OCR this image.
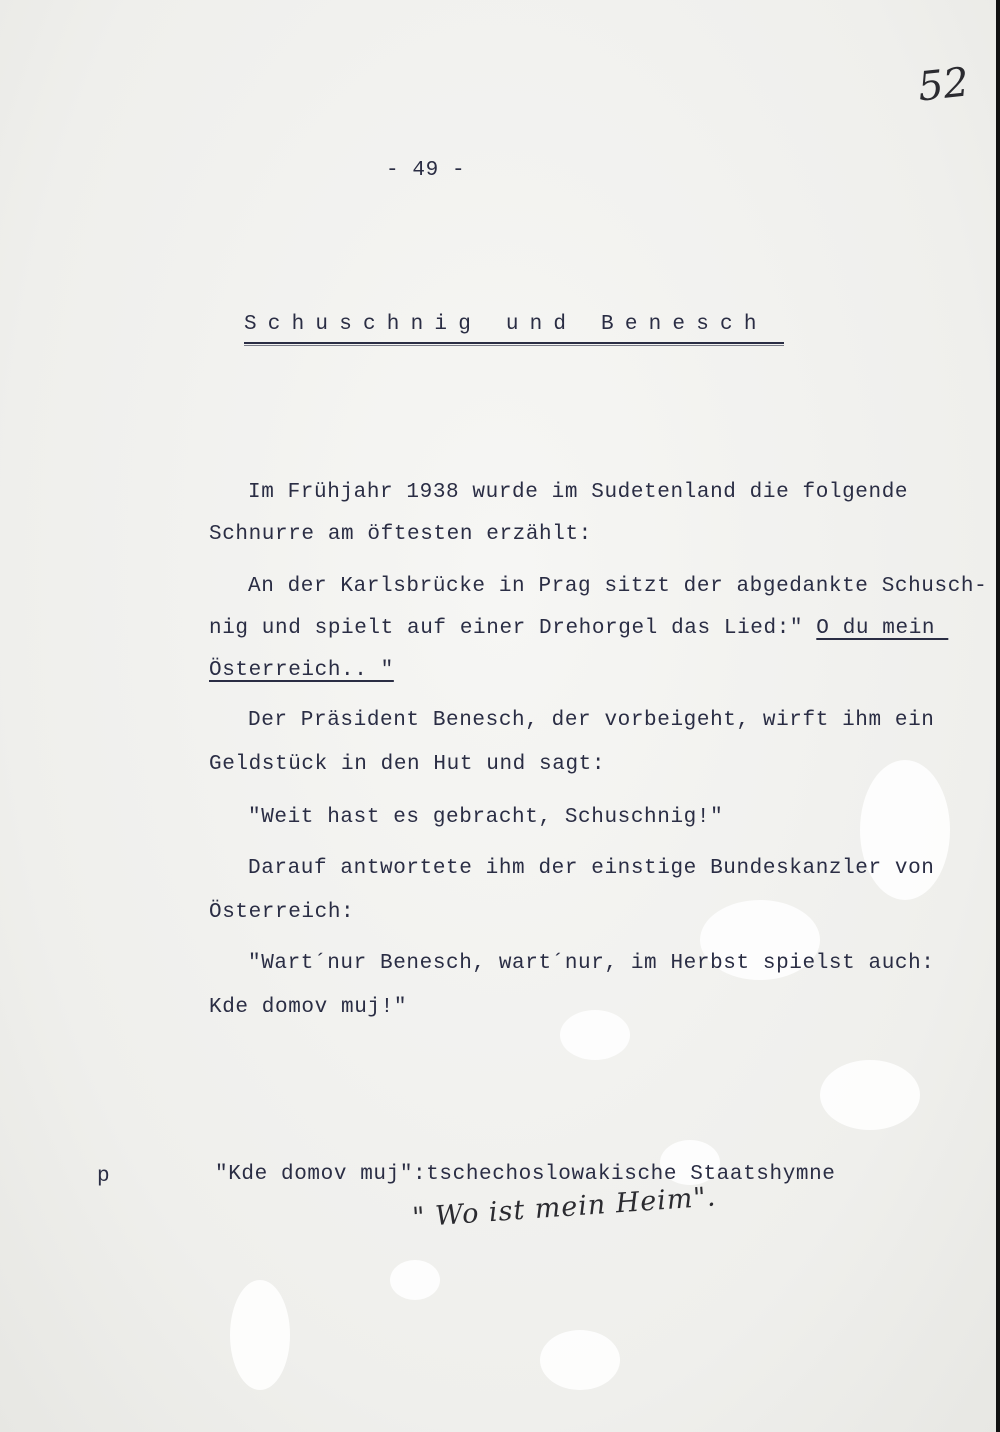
52
- 49 -
Schuschnig und Benesch
Im Frühjahr 1938 wurde im Sudetenland die folgende
Schnurre am öftesten erzählt:
An der Karlsbrücke in Prag sitzt der abgedankte Schusch-
nig und spielt auf einer Drehorgel das Lied:" O du mein
Österreich.. "
Der Präsident Benesch, der vorbeigeht, wirft ihm ein
Geldstück in den Hut und sagt:
"Weit hast es gebracht, Schuschnig!"
Darauf antwortete ihm der einstige Bundeskanzler von
Österreich:
"Wart´nur Benesch, wart´nur, im Herbst spielst auch:
Kde domov muj!"
p	"Kde domov muj":tschechoslowakische Staatshymne
" Wo ist mein Heim".
